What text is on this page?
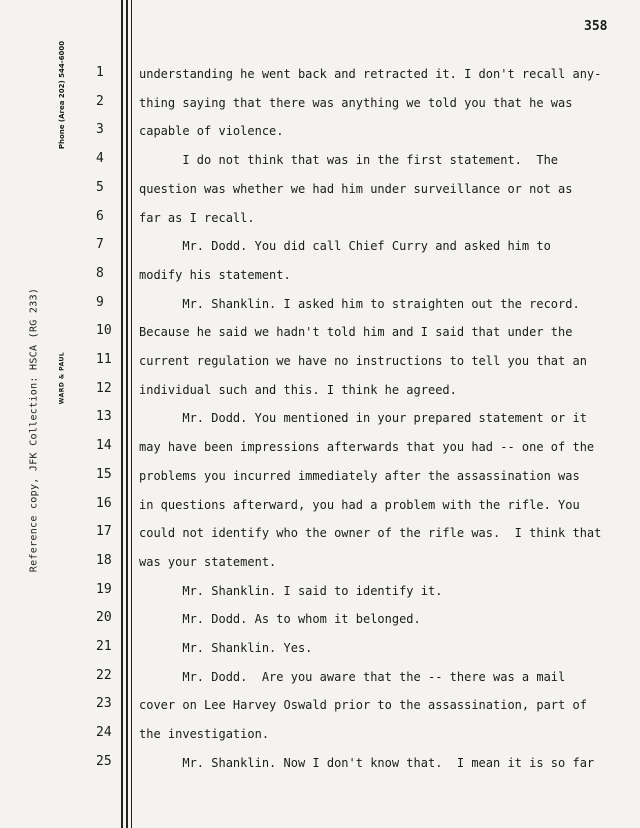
358
Reference copy, JFK Collection: HSCA (RG 233)
Phone (Area 202) 544-6000
WARD & PAUL
1	understanding he went back and retracted it. I don't recall any-
2	thing saying that there was anything we told you that he was
3	capable of violence.
4	I do not think that was in the first statement.  The
5	question was whether we had him under surveillance or not as
6	far as I recall.
7	Mr. Dodd. You did call Chief Curry and asked him to
8	modify his statement.
9	Mr. Shanklin. I asked him to straighten out the record.
10	Because he said we hadn't told him and I said that under the
11	current regulation we have no instructions to tell you that an
12	individual such and this. I think he agreed.
13	Mr. Dodd. You mentioned in your prepared statement or it
14	may have been impressions afterwards that you had -- one of the
15	problems you incurred immediately after the assassination was
16	in questions afterward, you had a problem with the rifle. You
17	could not identify who the owner of the rifle was.  I think that
18	was your statement.
19	Mr. Shanklin. I said to identify it.
20	Mr. Dodd. As to whom it belonged.
21	Mr. Shanklin. Yes.
22	Mr. Dodd.  Are you aware that the -- there was a mail
23	cover on Lee Harvey Oswald prior to the assassination, part of
24	the investigation.
25	Mr. Shanklin. Now I don't know that.  I mean it is so far
